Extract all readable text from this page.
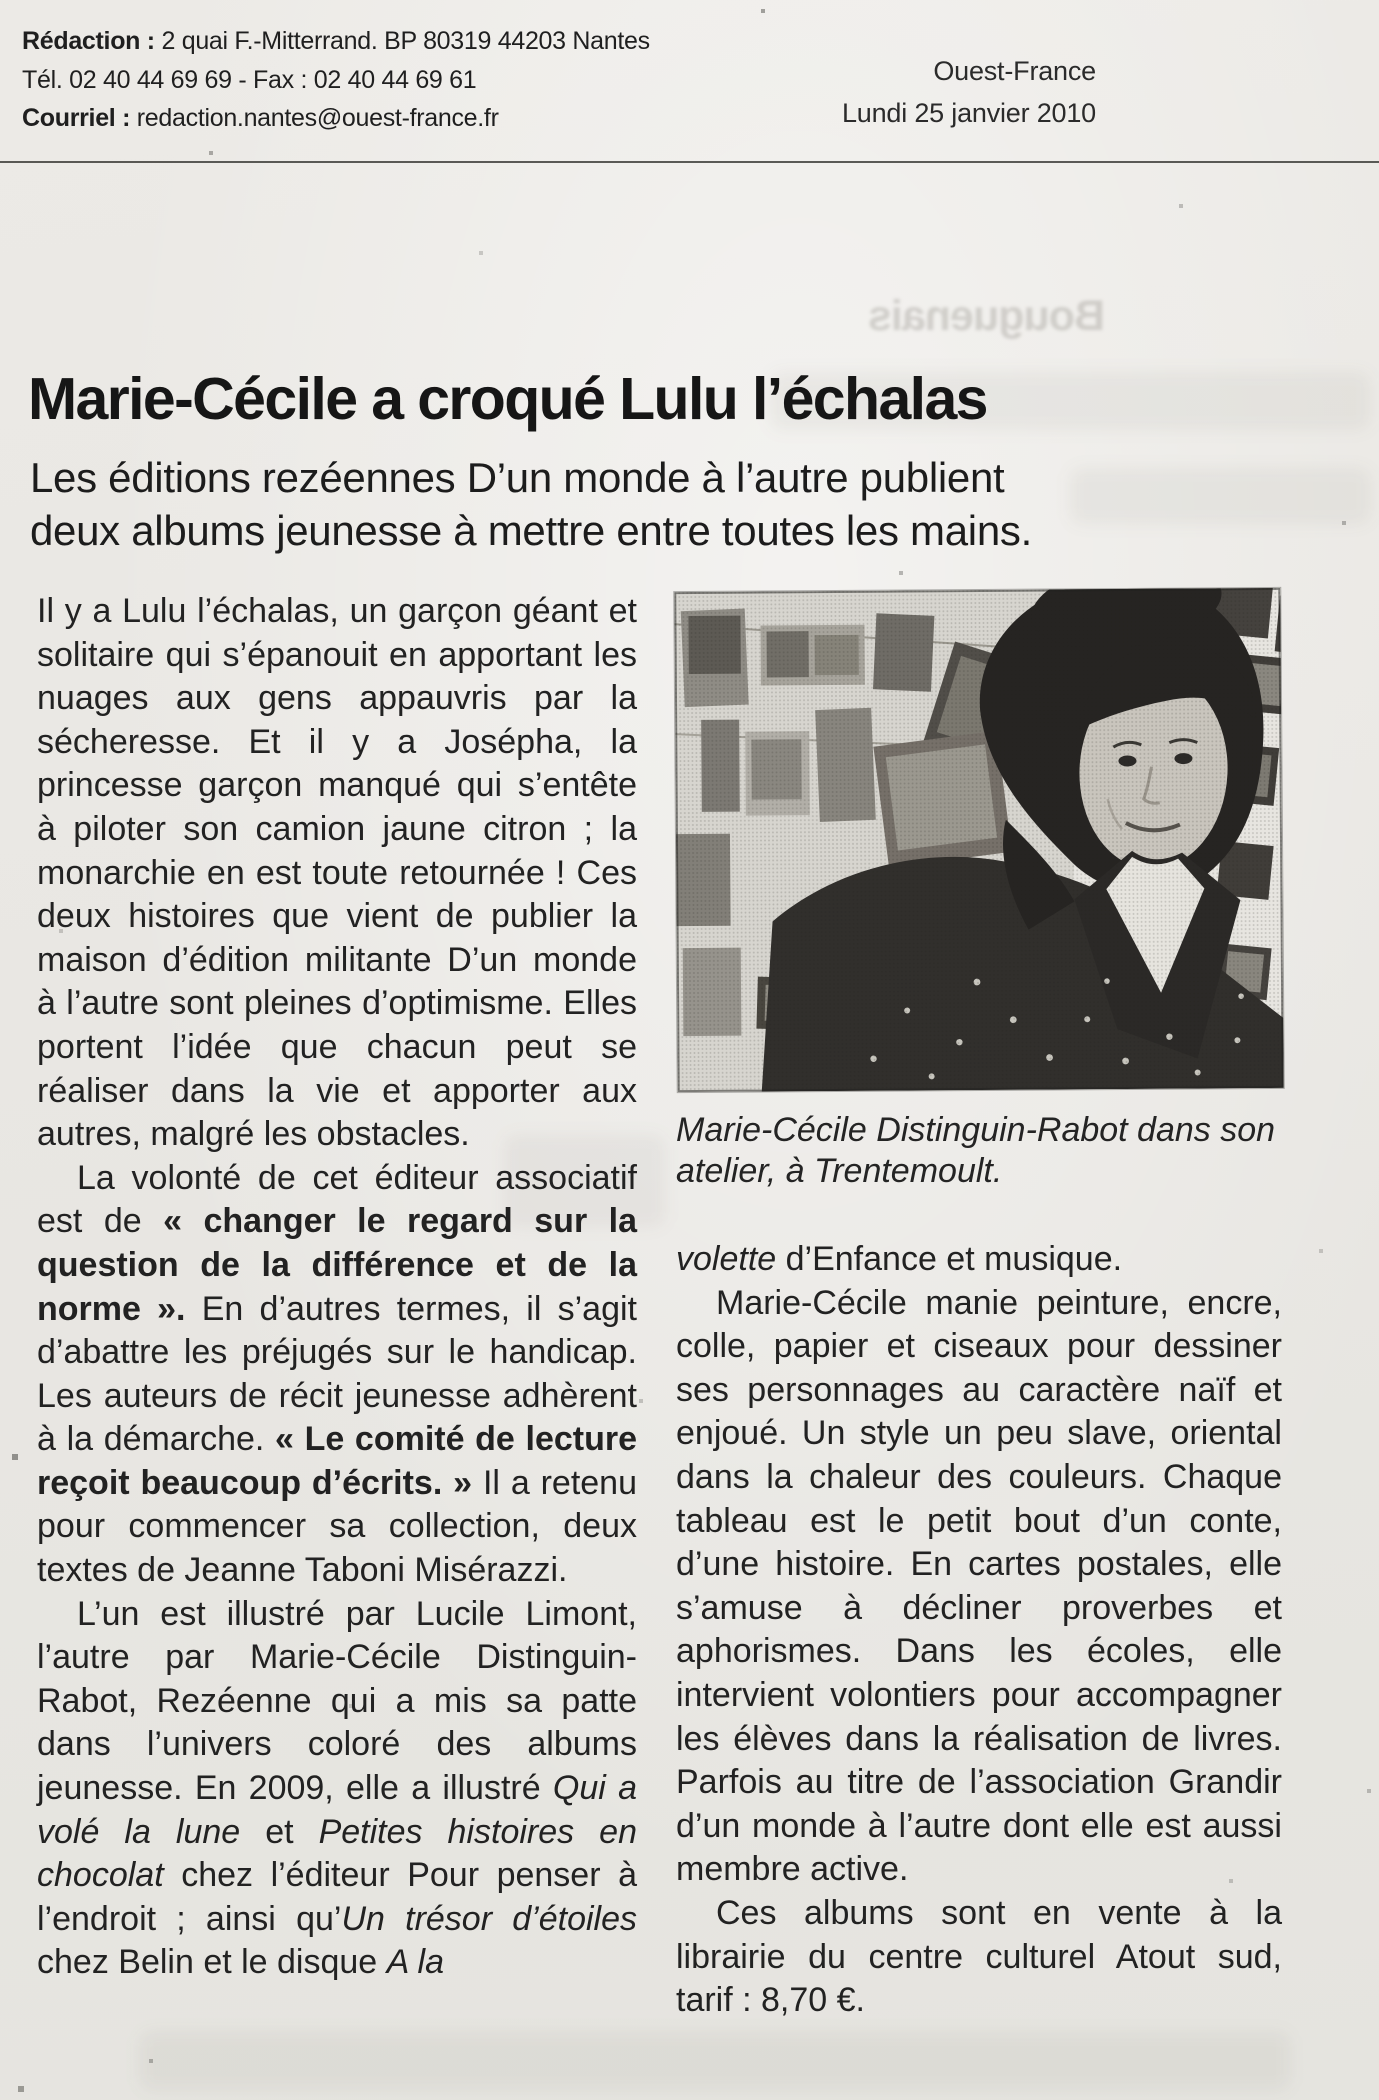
Rédaction : 2 quai F.-Mitterrand. BP 80319 44203 Nantes
Tél. 02 40 44 69 69 - Fax : 02 40 44 69 61
Courriel : redaction.nantes@ouest-france.fr
Ouest-France
Lundi 25 janvier 2010
Bouguenais
Marie-Cécile a croqué Lulu l’échalas
Les éditions rezéennes D’un monde à l’autre publient
deux albums jeunesse à mettre entre toutes les mains.

Il y a Lulu l’échalas, un garçon géant et solitaire qui s’épanouit en apportant les nuages aux gens appauvris par la sécheresse. Et il y a Josépha, la princesse garçon manqué qui s’entête à piloter son camion jaune citron ; la monarchie en est toute retournée ! Ces deux histoires que vient de publier la maison d’édition militante D’un monde à l’autre sont pleines d’optimisme. Elles portent l’idée que chacun peut se réaliser dans la vie et apporter aux autres, malgré les obstacles.

La volonté de cet éditeur associatif est de « changer le regard sur la question de la différence et de la norme ». En d’autres termes, il s’agit d’abattre les préjugés sur le handicap. Les auteurs de récit jeunesse adhèrent à la démarche. « Le comité de lecture reçoit beaucoup d’écrits. » Il a retenu pour commencer sa collection, deux textes de Jeanne Taboni Misérazzi.

L’un est illustré par Lucile Limont, l’autre par Marie-Cécile Distinguin-Rabot, Rezéenne qui a mis sa patte dans l’univers coloré des albums jeunesse. En 2009, elle a illustré Qui a volé la lune et Petites histoires en chocolat chez l’éditeur Pour penser à l’endroit ; ainsi qu’Un trésor d’étoiles chez Belin et le disque A la

Marie-Cécile Distinguin-Rabot dans son atelier, à Trentemoult.

volette d’Enfance et musique.

Marie-Cécile manie peinture, encre, colle, papier et ciseaux pour dessiner ses personnages au caractère naïf et enjoué. Un style un peu slave, oriental dans la chaleur des couleurs. Chaque tableau est le petit bout d’un conte, d’une histoire. En cartes postales, elle s’amuse à décliner proverbes et aphorismes. Dans les écoles, elle intervient volontiers pour accompagner les élèves dans la réalisation de livres. Parfois au titre de l’association Grandir d’un monde à l’autre dont elle est aussi membre active.

Ces albums sont en vente à la librairie du centre culturel Atout sud, tarif : 8,70 €.
